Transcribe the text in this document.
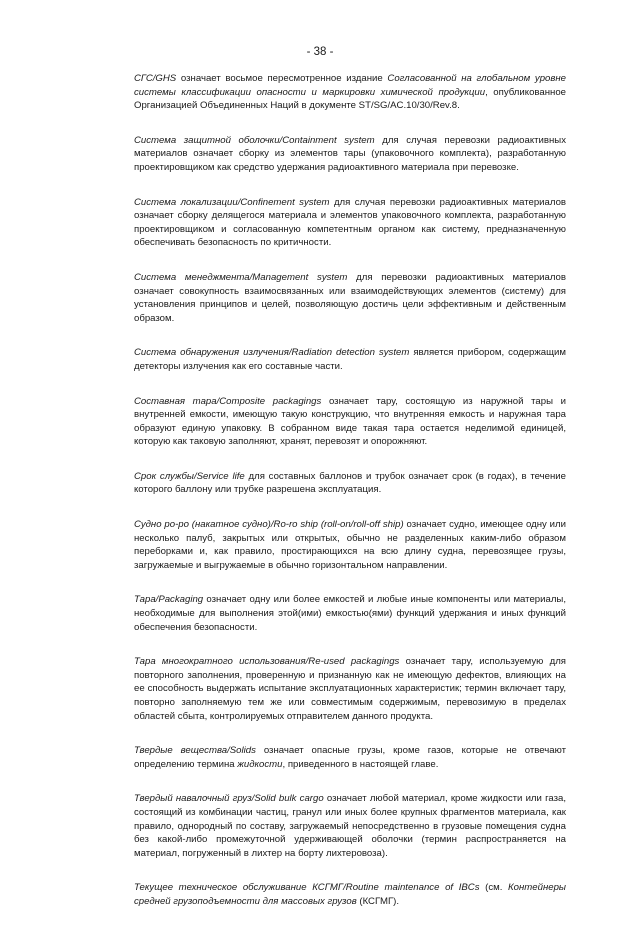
- 38 -

СГС/GHS означает восьмое пересмотренное издание Согласованной на глобальном уровне системы классификации опасности и маркировки химической продукции, опубликованное Организацией Объединенных Наций в документе ST/SG/AC.10/30/Rev.8.

Система защитной оболочки/Containment system для случая перевозки радиоактивных материалов означает сборку из элементов тары (упаковочного комплекта), разработанную проектировщиком как средство удержания радиоактивного материала при перевозке.

Система локализации/Confinement system для случая перевозки радиоактивных материалов означает сборку делящегося материала и элементов упаковочного комплекта, разработанную проектировщиком и согласованную компетентным органом как систему, предназначенную обеспечивать безопасность по критичности.

Система менеджмента/Management system для перевозки радиоактивных материалов означает совокупность взаимосвязанных или взаимодействующих элементов (систему) для установления принципов и целей, позволяющую достичь цели эффективным и действенным образом.

Система обнаружения излучения/Radiation detection system является прибором, содержащим детекторы излучения как его составные части.

Составная тара/Composite packagings означает тару, состоящую из наружной тары и внутренней емкости, имеющую такую конструкцию, что внутренняя емкость и наружная тара образуют единую упаковку. В собранном виде такая тара остается неделимой единицей, которую как таковую заполняют, хранят, перевозят и опорожняют.

Срок службы/Service life для составных баллонов и трубок означает срок (в годах), в течение которого баллону или трубке разрешена эксплуатация.

Судно ро-ро (накатное судно)/Ro-ro ship (roll-on/roll-off ship) означает судно, имеющее одну или несколько палуб, закрытых или открытых, обычно не разделенных каким-либо образом переборками и, как правило, простирающихся на всю длину судна, перевозящее грузы, загружаемые и выгружаемые в обычно горизонтальном направлении.

Тара/Packaging означает одну или более емкостей и любые иные компоненты или материалы, необходимые для выполнения этой(ими) емкостью(ями) функций удержания и иных функций обеспечения безопасности.

Тара многократного использования/Re-used packagings означает тару, используемую для повторного заполнения, проверенную и признанную как не имеющую дефектов, влияющих на ее способность выдержать испытание эксплуатационных характеристик; термин включает тару, повторно заполняемую тем же или совместимым содержимым, перевозимую в пределах областей сбыта, контролируемых отправителем данного продукта.

Твердые вещества/Solids означает опасные грузы, кроме газов, которые не отвечают определению термина жидкости, приведенного в настоящей главе.

Твердый навалочный груз/Solid bulk cargo означает любой материал, кроме жидкости или газа, состоящий из комбинации частиц, гранул или иных более крупных фрагментов материала, как правило, однородный по составу, загружаемый непосредственно в грузовые помещения судна без какой-либо промежуточной удерживающей оболочки (термин распространяется на материал, погруженный в лихтер на борту лихтеровоза).

Текущее техническое обслуживание КСГМГ/Routine maintenance of IBCs (см. Контейнеры средней грузоподъемности для массовых грузов (КСГМГ).
